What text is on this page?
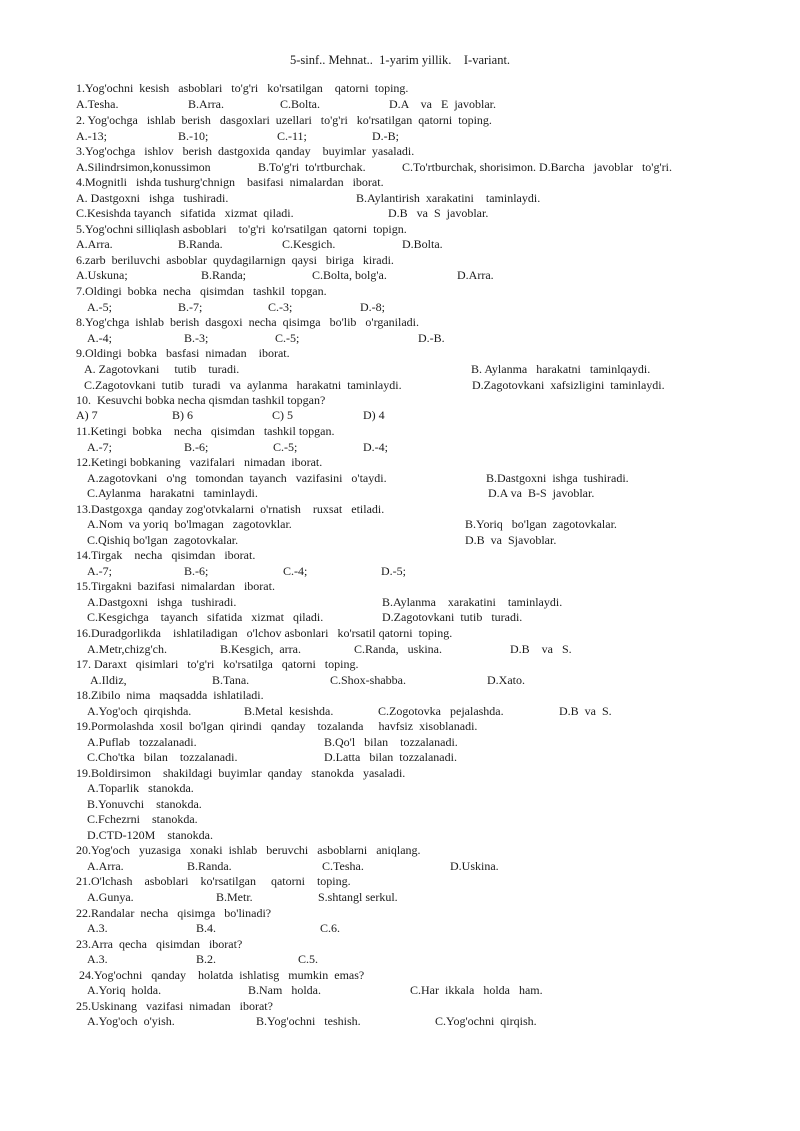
5-sinf.. Mehnat..  1-yarim yillik.    I-variant.
1.Yog'ochni  kesish   asboblari   to'g'ri   ko'rsatilgan    qatorni  toping.
A.Tesha.	B.Arra.	C.Bolta.	D.A    va   E  javoblar.
2. Yog'ochga   ishlab  berish   dasgoxlari  uzellari   to'g'ri   ko'rsatilgan  qatorni  toping.
A.-13;	B.-10;	C.-11;	D.-B;
3.Yog'ochga   ishlov   berish  dastgoxida  qanday    buyimlar  yasaladi.
A.Silindrsimon,konussimon	B.To'g'ri  to'rtburchak.	C.To'rtburchak, shorisimon. D.Barcha   javoblar   to'g'ri.
4.Mognitli   ishda tushurg'chnign    basifasi  nimalardan   iborat.
A. Dastgoxni   ishga   tushiradi.	B.Aylantirish  xarakatini    taminlaydi.
C.Kesishda tayanch   sifatida   xizmat  qiladi.	D.B   va  S  javoblar.
5.Yog'ochni silliqlash asboblari    to'g'ri  ko'rsatilgan  qatorni  topign.
A.Arra.	B.Randa.	C.Kesgich.	D.Bolta.
6.zarb  beriluvchi  asboblar  quydagilarnign  qaysi   biriga   kiradi.
A.Uskuna;	B.Randa;	C.Bolta, bolg'a.	D.Arra.
7.Oldingi  bobka  necha   qisimdan   tashkil  topgan.
A.-5;	B.-7;	C.-3;	D.-8;
8.Yog'chga  ishlab  berish  dasgoxi  necha  qisimga   bo'lib   o'rganiladi.
A.-4;	B.-3;	C.-5;	D.-B.
9.Oldingi  bobka   basfasi  nimadan    iborat.
A. Zagotovkani     tutib    turadi.	B. Aylanma   harakatni   taminlqaydi.
C.Zagotovkani  tutib   turadi   va  aylanma   harakatni  taminlaydi.	D.Zagotovkani  xafsizligini  taminlaydi.
10.  Kesuvchi bobka necha qismdan tashkil topgan?
A) 7	B) 6	C) 5	D) 4
11.Ketingi  bobka    necha   qisimdan   tashkil topgan.
A.-7;	B.-6;	C.-5;	D.-4;
12.Ketingi bobkaning   vazifalari   nimadan  iborat.
A.zagotovkani   o'ng   tomondan  tayanch   vazifasini   o'taydi.	B.Dastgoxni  ishga  tushiradi.
C.Aylanma   harakatni   taminlaydi.	D.A va  B-S  javoblar.
13.Dastgoxga  qanday zog'otvkalarni  o'rnatish    ruxsat   etiladi.
A.Nom  va yoriq  bo'lmagan   zagotovklar.	B.Yoriq   bo'lgan  zagotovkalar.
C.Qishiq bo'lgan  zagotovkalar.	D.B  va  Sjavoblar.
14.Tirgak    necha   qisimdan   iborat.
A.-7;	B.-6;	C.-4;	D.-5;
15.Tirgakni  bazifasi  nimalardan   iborat.
A.Dastgoxni   ishga   tushiradi.	B.Aylanma    xarakatini    taminlaydi.
C.Kesgichga    tayanch   sifatida   xizmat   qiladi.	D.Zagotovkani  tutib   turadi.
16.Duradgorlikda    ishlatiladigan   o'lchov asbonlari   ko'rsatil qatorni  toping.
A.Metr,chizg'ch.	B.Kesgich,  arra.	C.Randa,   uskina.	D.B    va   S.
17. Daraxt   qisimlari   to'g'ri   ko'rsatilga   qatorni   toping.
A.Ildiz,	B.Tana.	C.Shox-shabba.	D.Xato.
18.Zibilo  nima   maqsadda  ishlatiladi.
A.Yog'och  qirqishda.	B.Metal  kesishda.	C.Zogotovka   pejalashda.	D.B  va  S.
19.Pormolashda  xosil  bo'lgan  qirindi   qanday    tozalanda     havfsiz  xisoblanadi.
A.Puflab   tozzalanadi.	B.Qo'l   bilan    tozzalanadi.
C.Cho'tka   bilan    tozzalanadi.	D.Latta   bilan  tozzalanadi.
19.Boldirsimon    shakildagi  buyimlar  qanday   stanokda   yasaladi.
A.Toparlik   stanokda.
B.Yonuvchi    stanokda.
C.Fchezrni    stanokda.
D.CTD-120M    stanokda.
20.Yog'och   yuzasiga   xonaki  ishlab   beruvchi   asboblarni   aniqlang.
A.Arra.	B.Randa.	C.Tesha.	D.Uskina.
21.O'lchash    asboblari    ko'rsatilgan     qatorni    toping.
A.Gunya.	B.Metr.	S.shtangl serkul.
22.Randalar  necha   qisimga   bo'linadi?
A.3.	B.4.	C.6.
23.Arra  qecha   qisimdan   iborat?
A.3.	B.2.	C.5.
24.Yog'ochni   qanday    holatda  ishlatisg   mumkin  emas?
A.Yoriq  holda.	B.Nam   holda.	C.Har  ikkala   holda   ham.
25.Uskinang   vazifasi  nimadan   iborat?
A.Yog'och  o'yish.	B.Yog'ochni   teshish.	C.Yog'ochni  qirqish.
